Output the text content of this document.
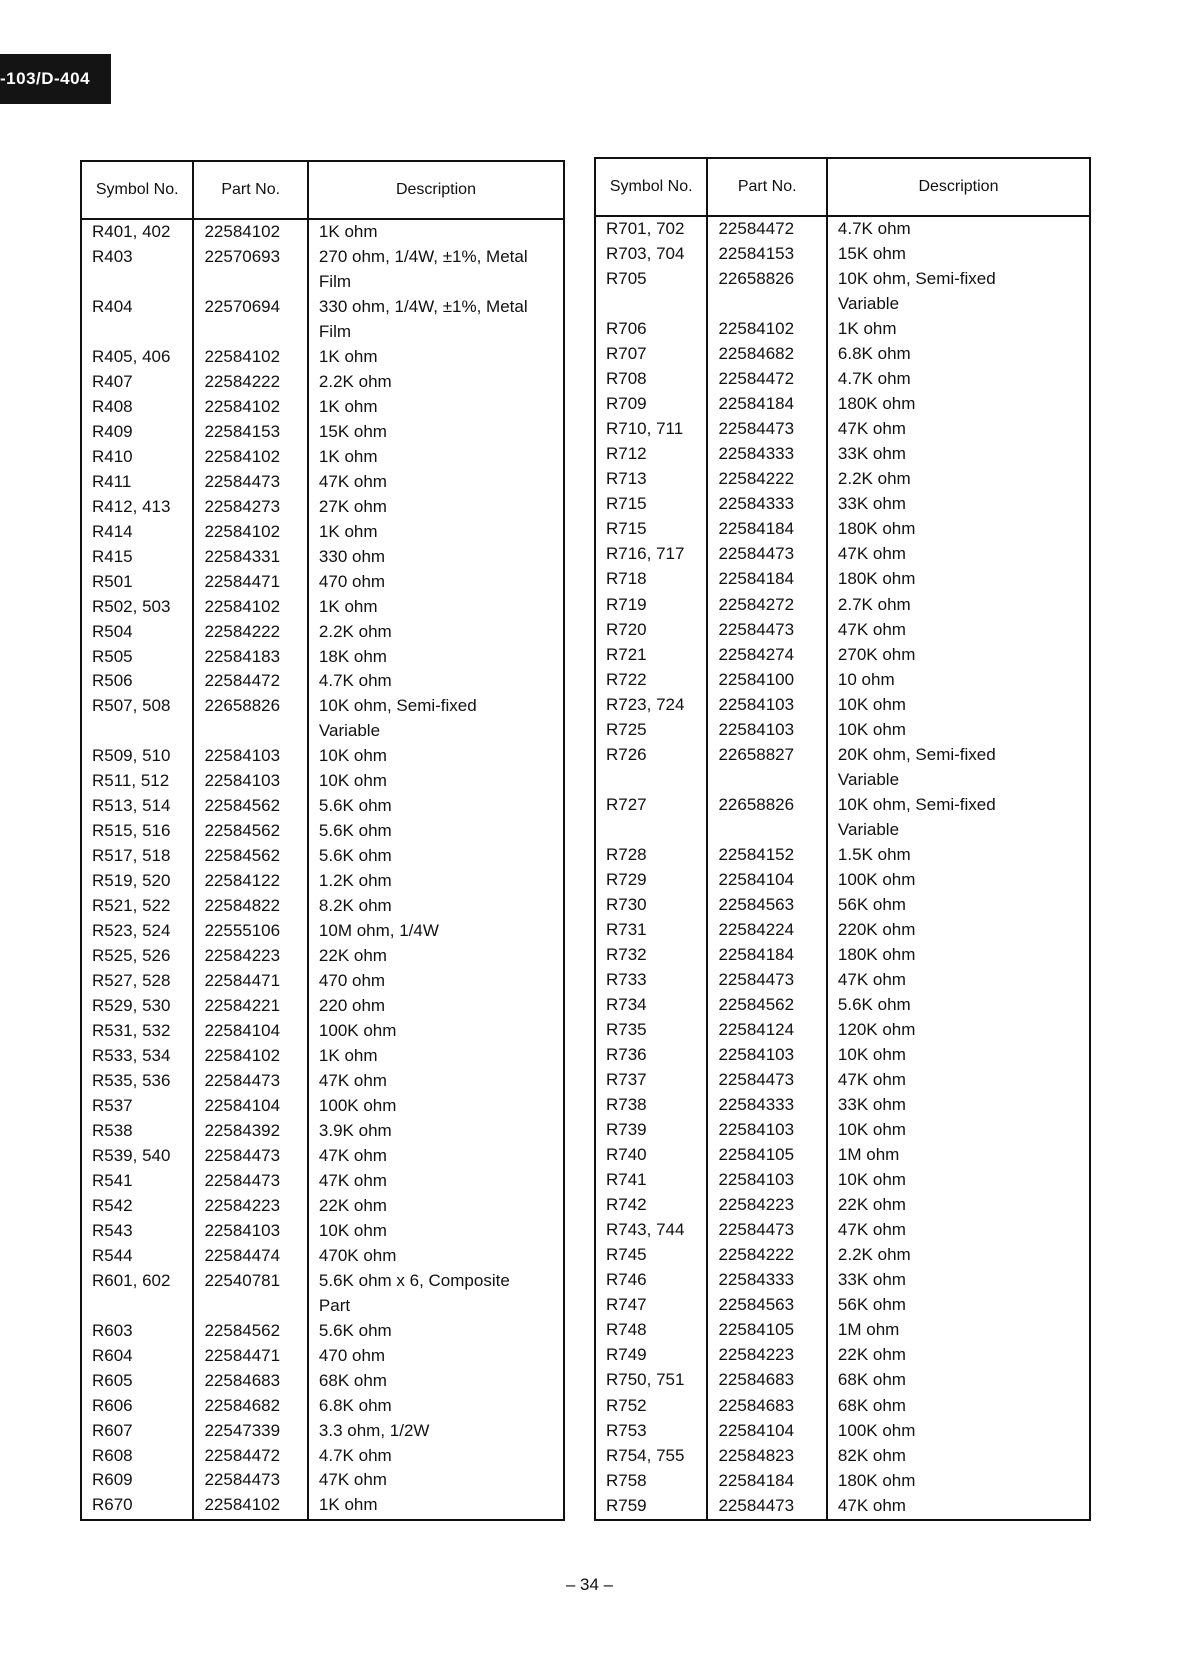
-103/D-404
Symbol No.	Part No.	Description
R401, 402	22584102	1K ohm
R403	22570693	270 ohm, 1/4W, ±1%, Metal
		Film
R404	22570694	330 ohm, 1/4W, ±1%, Metal
		Film
R405, 406	22584102	1K ohm
R407	22584222	2.2K ohm
R408	22584102	1K ohm
R409	22584153	15K ohm
R410	22584102	1K ohm
R411	22584473	47K ohm
R412, 413	22584273	27K ohm
R414	22584102	1K ohm
R415	22584331	330 ohm

R501	22584471	470 ohm
R502, 503	22584102	1K ohm
R504	22584222	2.2K ohm
R505	22584183	18K ohm
R506	22584472	4.7K ohm
R507, 508	22658826	10K ohm, Semi-fixed
		Variable
R509, 510	22584103	10K ohm
R511, 512	22584103	10K ohm
R513, 514	22584562	5.6K ohm
R515, 516	22584562	5.6K ohm
R517, 518	22584562	5.6K ohm
R519, 520	22584122	1.2K ohm
R521, 522	22584822	8.2K ohm
R523, 524	22555106	10M ohm, 1/4W
R525, 526	22584223	22K ohm
R527, 528	22584471	470 ohm
R529, 530	22584221	220 ohm
R531, 532	22584104	100K ohm
R533, 534	22584102	1K ohm
R535, 536	22584473	47K ohm
R537	22584104	100K ohm
R538	22584392	3.9K ohm
R539, 540	22584473	47K ohm
R541	22584473	47K ohm
R542	22584223	22K ohm
R543	22584103	10K ohm
R544	22584474	470K ohm

R601, 602	22540781	5.6K ohm x 6, Composite
		Part
R603	22584562	5.6K ohm
R604	22584471	470 ohm
R605	22584683	68K ohm
R606	22584682	6.8K ohm
R607	22547339	3.3 ohm, 1/2W
R608	22584472	4.7K ohm
R609	22584473	47K ohm
R670	22584102	1K ohm

Symbol No.	Part No.	Description
R701, 702	22584472	4.7K ohm
R703, 704	22584153	15K ohm
R705	22658826	10K ohm, Semi-fixed
		Variable
R706	22584102	1K ohm
R707	22584682	6.8K ohm
R708	22584472	4.7K ohm
R709	22584184	180K ohm
R710, 711	22584473	47K ohm
R712	22584333	33K ohm
R713	22584222	2.2K ohm
R715	22584333	33K ohm
R715	22584184	180K ohm
R716, 717	22584473	47K ohm
R718	22584184	180K ohm
R719	22584272	2.7K ohm
R720	22584473	47K ohm
R721	22584274	270K ohm
R722	22584100	10 ohm
R723, 724	22584103	10K ohm
R725	22584103	10K ohm
R726	22658827	20K ohm, Semi-fixed
		Variable
R727	22658826	10K ohm, Semi-fixed
		Variable
R728	22584152	1.5K ohm
R729	22584104	100K ohm
R730	22584563	56K ohm
R731	22584224	220K ohm
R732	22584184	180K ohm
R733	22584473	47K ohm
R734	22584562	5.6K ohm
R735	22584124	120K ohm
R736	22584103	10K ohm
R737	22584473	47K ohm
R738	22584333	33K ohm
R739	22584103	10K ohm
R740	22584105	1M ohm
R741	22584103	10K ohm
R742	22584223	22K ohm
R743, 744	22584473	47K ohm
R745	22584222	2.2K ohm
R746	22584333	33K ohm
R747	22584563	56K ohm
R748	22584105	1M ohm
R749	22584223	22K ohm
R750, 751	22584683	68K ohm
R752	22584683	68K ohm
R753	22584104	100K ohm
R754, 755	22584823	82K ohm
R758	22584184	180K ohm
R759	22584473	47K ohm

– 34 –
